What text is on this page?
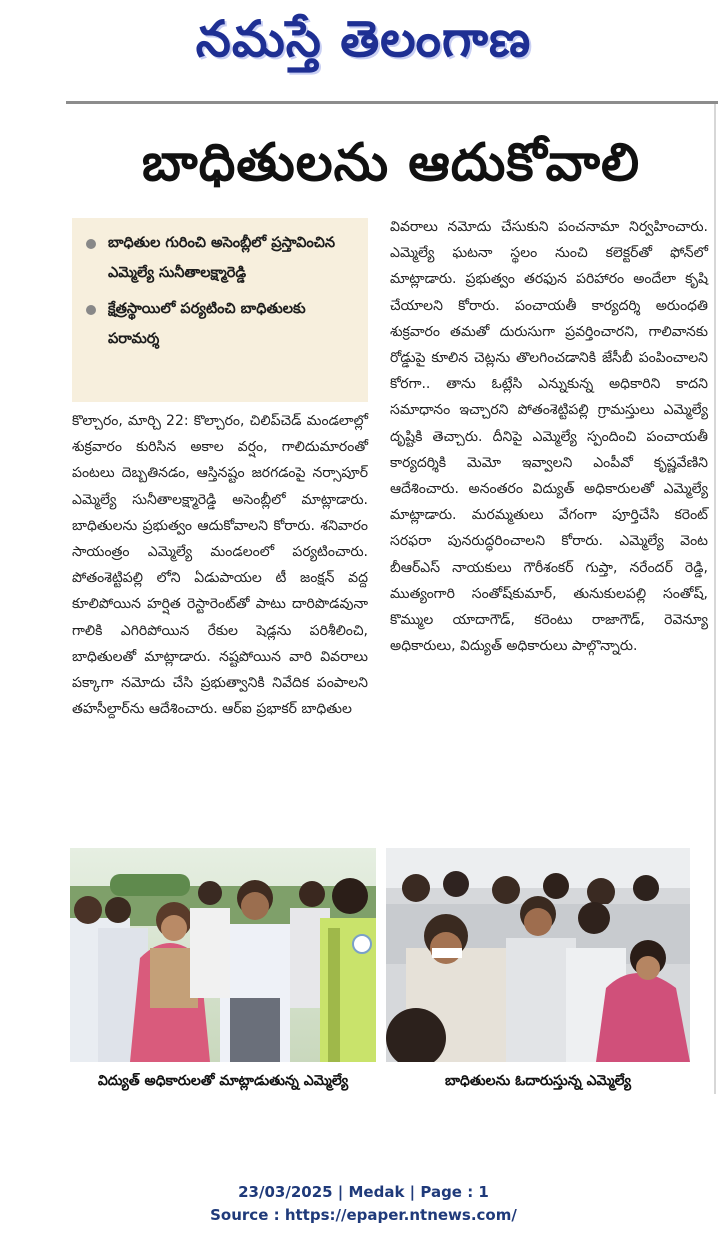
నమస్తే తెలంగాణ
బాధితులను ఆదుకోవాలి
బాధితుల గురించి అసెంబ్లీలో ప్రస్తావించిన ఎమ్మెల్యే సునీతాలక్ష్మారెడ్డి
క్షేత్రస్థాయిలో పర్యటించి బాధితులకు పరామర్శ

కొల్చారం, మార్చి 22: కొల్చారం, చిలిప్‌చెడ్ మండలాల్లో శుక్రవారం కురిసిన అకాల వర్షం, గాలిదుమారంతో పంటలు దెబ్బతినడం, ఆస్తినష్టం జరగడంపై నర్సాపూర్ ఎమ్మెల్యే సునీతాలక్ష్మారెడ్డి అసెంబ్లీలో మాట్లాడారు. బాధితులను ప్రభుత్వం ఆదుకోవాలని కోరారు. శనివారం సాయంత్రం ఎమ్మెల్యే మండలంలో పర్యటించారు. పోతంశెట్టిపల్లి లోని ఏడుపాయల టీ జంక్షన్ వద్ద కూలిపోయిన హర్షిత రెస్టారెంట్‌తో పాటు దారిపొడవునా గాలికి ఎగిరిపోయిన రేకుల షెడ్లను పరిశీలించి, బాధితులతో మాట్లాడారు. నష్టపోయిన వారి వివరాలు పక్కాగా నమోదు చేసి ప్రభుత్వానికి నివేదిక పంపాలని తహసీల్దార్‌ను ఆదేశించారు. ఆర్ఐ ప్రభాకర్ బాధితుల

వివరాలు నమోదు చేసుకుని పంచనామా నిర్వహించారు. ఎమ్మెల్యే ఘటనా స్థలం నుంచి కలెక్టర్‌తో ఫోన్‌లో మాట్లాడారు. ప్రభుత్వం తరఫున పరిహారం అందేలా కృషి చేయాలని కోరారు. పంచాయతీ కార్యదర్శి అరుంధతి శుక్రవారం తమతో దురుసుగా ప్రవర్తించారని, గాలివానకు రోడ్డుపై కూలిన చెట్లను తొలగించడానికి జేసీబీ పంపించాలని కోరగా.. తాను ఓట్లేసి ఎన్నుకున్న అధికారిని కాదని సమాధానం ఇచ్చారని పోతంశెట్టిపల్లి గ్రామస్తులు ఎమ్మెల్యే దృష్టికి తెచ్చారు. దీనిపై ఎమ్మెల్యే స్పందించి పంచాయతీ కార్యదర్శికి మెమో ఇవ్వాలని ఎంపీవో కృష్ణవేణిని ఆదేశించారు. అనంతరం విద్యుత్ అధికారులతో ఎమ్మెల్యే మాట్లాడారు. మరమ్మతులు వేగంగా పూర్తిచేసి కరెంట్ సరఫరా పునరుద్ధరించాలని కోరారు. ఎమ్మెల్యే వెంట బీఆర్ఎస్ నాయకులు గౌరీశంకర్ గుప్తా, నరేందర్ రెడ్డి, ముత్యంగారి సంతోష్‌కుమార్, తునుకులపల్లి సంతోష్, కొమ్ముల యాదాగౌడ్, కరెంటు రాజాగౌడ్, రెవెన్యూ అధికారులు, విద్యుత్ అధికారులు పాల్గొన్నారు.

విద్యుత్ అధికారులతో మాట్లాడుతున్న ఎమ్మెల్యే	బాధితులను ఓదారుస్తున్న ఎమ్మెల్యే
23/03/2025 | Medak | Page : 1
Source : https://epaper.ntnews.com/
